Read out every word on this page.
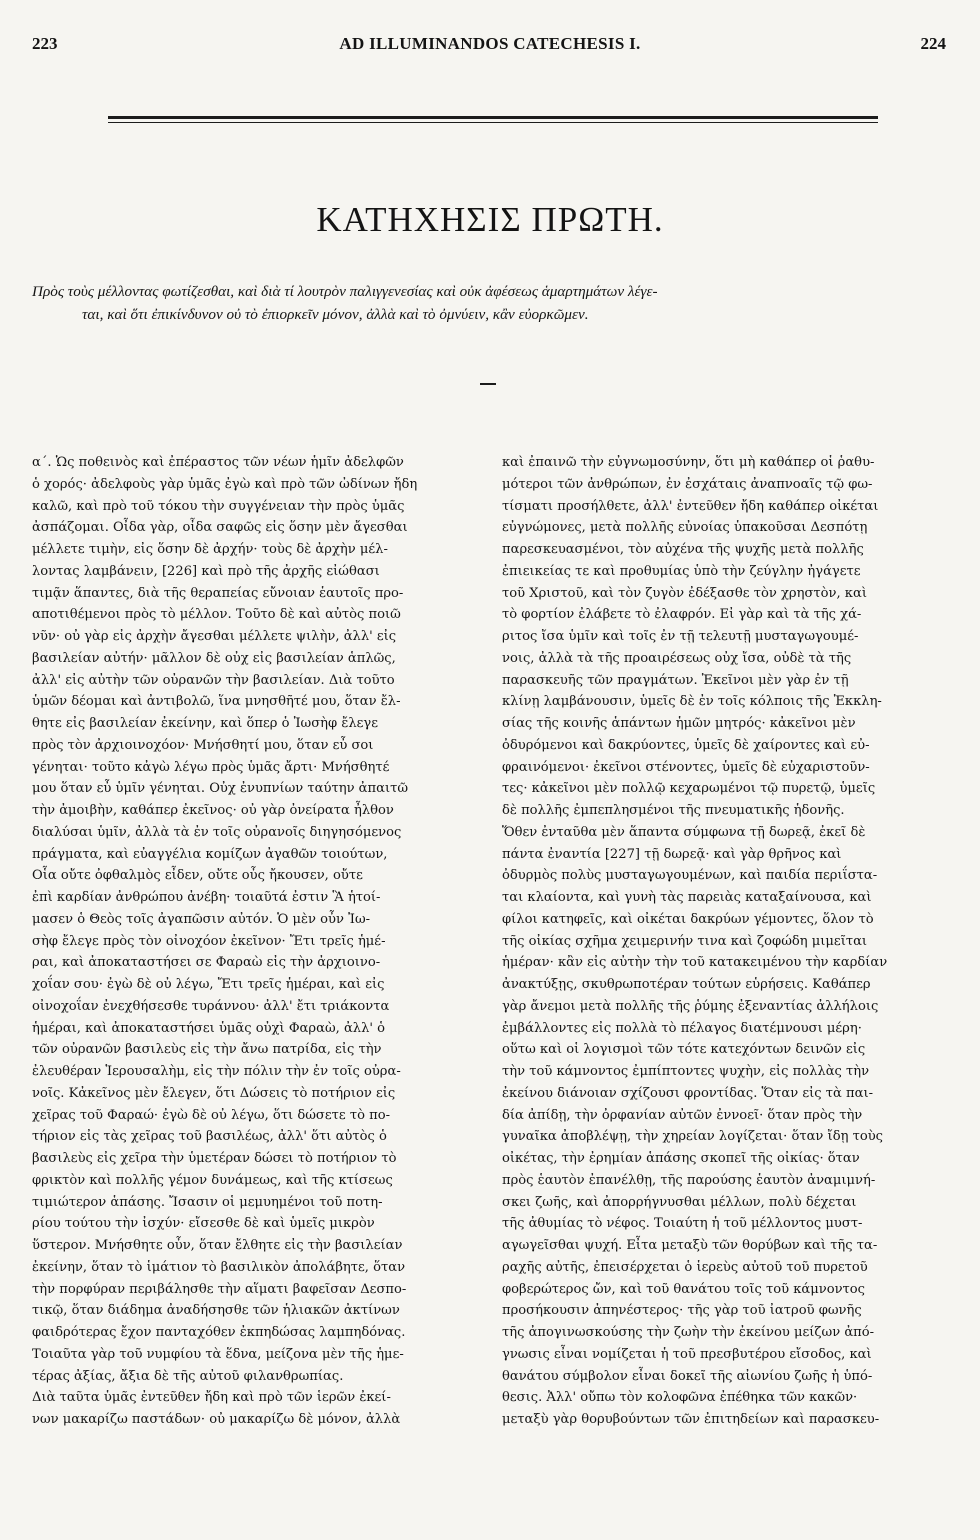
223	AD ILLUMINANDOS CATECHESIS I.	224
ΚΑΤΗΧΗΣΙΣ ΠΡΩΤΗ.
Πρὸς τοὺς μέλλοντας φωτίζεσθαι, καὶ διὰ τί λουτρὸν παλιγγενεσίας καὶ οὐκ ἀφέσεως ἁμαρτημάτων λέγε-
ται, καὶ ὅτι ἐπικίνδυνον οὐ τὸ ἐπιορκεῖν μόνον, ἀλλὰ καὶ τὸ ὀμνύειν, κἂν εὐορκῶμεν.

α΄. Ὡς ποθεινὸς καὶ ἐπέραστος τῶν νέων ἡμῖν ἀδελφῶν

ὁ χορός· ἀδελφοὺς γὰρ ὑμᾶς ἐγὼ καὶ πρὸ τῶν ὠδίνων ἤδη

καλῶ, καὶ πρὸ τοῦ τόκου τὴν συγγένειαν τὴν πρὸς ὑμᾶς

ἀσπάζομαι. Οἶδα γὰρ, οἶδα σαφῶς εἰς ὅσην μὲν ἄγεσθαι

μέλλετε τιμὴν, εἰς ὅσην δὲ ἀρχήν· τοὺς δὲ ἀρχὴν μέλ-

λοντας λαμβάνειν, [226] καὶ πρὸ τῆς ἀρχῆς εἰώθασι

τιμᾷν ἅπαντες, διὰ τῆς θεραπείας εὔνοιαν ἑαυτοῖς προ-

αποτιθέμενοι πρὸς τὸ μέλλον. Τοῦτο δὲ καὶ αὐτὸς ποιῶ

νῦν· οὐ γὰρ εἰς ἀρχὴν ἄγεσθαι μέλλετε ψιλὴν, ἀλλ' εἰς

βασιλείαν αὐτήν· μᾶλλον δὲ οὐχ εἰς βασιλείαν ἁπλῶς,

ἀλλ' εἰς αὐτὴν τῶν οὐρανῶν τὴν βασιλείαν. Διὰ τοῦτο

ὑμῶν δέομαι καὶ ἀντιβολῶ, ἵνα μνησθῆτέ μου, ὅταν ἔλ-

θητε εἰς βασιλείαν ἐκείνην, καὶ ὅπερ ὁ Ἰωσὴφ ἔλεγε

πρὸς τὸν ἀρχιοινοχόον· Μνήσθητί μου, ὅταν εὖ σοι

γένηται· τοῦτο κἀγὼ λέγω πρὸς ὑμᾶς ἄρτι· Μνήσθητέ

μου ὅταν εὖ ὑμῖν γένηται. Οὐχ ἐνυπνίων ταύτην ἀπαιτῶ

τὴν ἀμοιβὴν, καθάπερ ἐκεῖνος· οὐ γὰρ ὀνείρατα ἦλθον

διαλύσαι ὑμῖν, ἀλλὰ τὰ ἐν τοῖς οὐρανοῖς διηγησόμενος

πράγματα, καὶ εὐαγγέλια κομίζων ἀγαθῶν τοιούτων,

Οἷα οὔτε ὀφθαλμὸς εἶδεν, οὔτε οὖς ἤκουσεν, οὔτε

ἐπὶ καρδίαν ἀνθρώπου ἀνέβη· τοιαῦτά ἐστιν Ἃ ἡτοί-

μασεν ὁ Θεὸς τοῖς ἀγαπῶσιν αὐτόν. Ὁ μὲν οὖν Ἰω-

σὴφ ἔλεγε πρὸς τὸν οἰνοχόον ἐκεῖνον· Ἔτι τρεῖς ἡμέ-

ραι, καὶ ἀποκαταστήσει σε Φαραὼ εἰς τὴν ἀρχιοινο-

χοΐαν σου· ἐγὼ δὲ οὐ λέγω, Ἔτι τρεῖς ἡμέραι, καὶ εἰς

οἰνοχοΐαν ἐνεχθήσεσθε τυράννου· ἀλλ' ἔτι τριάκοντα

ἡμέραι, καὶ ἀποκαταστήσει ὑμᾶς οὐχὶ Φαραὼ, ἀλλ' ὁ

τῶν οὐρανῶν βασιλεὺς εἰς τὴν ἄνω πατρίδα, εἰς τὴν

ἐλευθέραν Ἱερουσαλὴμ, εἰς τὴν πόλιν τὴν ἐν τοῖς οὐρα-

νοῖς. Κἀκεῖνος μὲν ἔλεγεν, ὅτι Δώσεις τὸ ποτήριον εἰς

χεῖρας τοῦ Φαραώ· ἐγὼ δὲ οὐ λέγω, ὅτι δώσετε τὸ πο-

τήριον εἰς τὰς χεῖρας τοῦ βασιλέως, ἀλλ' ὅτι αὐτὸς ὁ

βασιλεὺς εἰς χεῖρα τὴν ὑμετέραν δώσει τὸ ποτήριον τὸ

φρικτὸν καὶ πολλῆς γέμον δυνάμεως, καὶ τῆς κτίσεως

τιμιώτερον ἁπάσης. Ἴσασιν οἱ μεμυημένοι τοῦ ποτη-

ρίου τούτου τὴν ἰσχύν· εἴσεσθε δὲ καὶ ὑμεῖς μικρὸν

ὕστερον. Μνήσθητε οὖν, ὅταν ἔλθητε εἰς τὴν βασιλείαν

ἐκείνην, ὅταν τὸ ἱμάτιον τὸ βασιλικὸν ἀπολάβητε, ὅταν

τὴν πορφύραν περιβάλησθε τὴν αἵματι βαφεῖσαν Δεσπο-

τικῷ, ὅταν διάδημα ἀναδήσησθε τῶν ἡλιακῶν ἀκτίνων

φαιδρότερας ἔχον πανταχόθεν ἐκπηδώσας λαμπηδόνας.

Τοιαῦτα γὰρ τοῦ νυμφίου τὰ ἕδνα, μείζονα μὲν τῆς ἡμε-

τέρας ἀξίας, ἄξια δὲ τῆς αὐτοῦ φιλανθρωπίας.

Διὰ ταῦτα ὑμᾶς ἐντεῦθεν ἤδη καὶ πρὸ τῶν ἱερῶν ἐκεί-

νων μακαρίζω παστάδων· οὐ μακαρίζω δὲ μόνον, ἀλλὰ

καὶ ἐπαινῶ τὴν εὐγνωμοσύνην, ὅτι μὴ καθάπερ οἱ ῥαθυ-

μότεροι τῶν ἀνθρώπων, ἐν ἐσχάταις ἀναπνοαῖς τῷ φω-

τίσματι προσήλθετε, ἀλλ' ἐντεῦθεν ἤδη καθάπερ οἰκέται

εὐγνώμονες, μετὰ πολλῆς εὐνοίας ὑπακοῦσαι Δεσπότῃ

παρεσκευασμένοι, τὸν αὐχένα τῆς ψυχῆς μετὰ πολλῆς

ἐπιεικείας τε καὶ προθυμίας ὑπὸ τὴν ζεύγλην ἠγάγετε

τοῦ Χριστοῦ, καὶ τὸν ζυγὸν ἐδέξασθε τὸν χρηστὸν, καὶ

τὸ φορτίον ἐλάβετε τὸ ἐλαφρόν. Εἰ γὰρ καὶ τὰ τῆς χά-

ριτος ἴσα ὑμῖν καὶ τοῖς ἐν τῇ τελευτῇ μυσταγωγουμέ-

νοις, ἀλλὰ τὰ τῆς προαιρέσεως οὐχ ἴσα, οὐδὲ τὰ τῆς

παρασκευῆς τῶν πραγμάτων. Ἐκεῖνοι μὲν γὰρ ἐν τῇ

κλίνῃ λαμβάνουσιν, ὑμεῖς δὲ ἐν τοῖς κόλποις τῆς Ἐκκλη-

σίας τῆς κοινῆς ἁπάντων ἡμῶν μητρός· κἀκεῖνοι μὲν

ὀδυρόμενοι καὶ δακρύοντες, ὑμεῖς δὲ χαίροντες καὶ εὐ-

φραινόμενοι· ἐκεῖνοι στένοντες, ὑμεῖς δὲ εὐχαριστοῦν-

τες· κἀκεῖνοι μὲν πολλῷ κεχαρωμένοι τῷ πυρετῷ, ὑμεῖς

δὲ πολλῆς ἐμπεπλησμένοι τῆς πνευματικῆς ἡδονῆς.

Ὅθεν ἐνταῦθα μὲν ἅπαντα σύμφωνα τῇ δωρεᾷ, ἐκεῖ δὲ

πάντα ἐναντία [227] τῇ δωρεᾷ· καὶ γὰρ θρῆνος καὶ

ὀδυρμὸς πολὺς μυσταγωγουμένων, καὶ παιδία περιΐστα-

ται κλαίοντα, καὶ γυνὴ τὰς παρειὰς καταξαίνουσα, καὶ

φίλοι κατηφεῖς, καὶ οἰκέται δακρύων γέμοντες, ὅλον τὸ

τῆς οἰκίας σχῆμα χειμερινήν τινα καὶ ζοφώδη μιμεῖται

ἡμέραν· κἂν εἰς αὐτὴν τὴν τοῦ κατακειμένου τὴν καρδίαν

ἀνακτύξῃς, σκυθρωποτέραν τούτων εὑρήσεις. Καθάπερ

γὰρ ἄνεμοι μετὰ πολλῆς τῆς ῥύμης ἐξεναντίας ἀλλήλοις

ἐμβάλλοντες εἰς πολλὰ τὸ πέλαγος διατέμνουσι μέρη·

οὕτω καὶ οἱ λογισμοὶ τῶν τότε κατεχόντων δεινῶν εἰς

τὴν τοῦ κάμνοντος ἐμπίπτοντες ψυχὴν, εἰς πολλὰς τὴν

ἐκείνου διάνοιαν σχίζουσι φροντίδας. Ὅταν εἰς τὰ παι-

δία ἀπίδῃ, τὴν ὀρφανίαν αὐτῶν ἐννοεῖ· ὅταν πρὸς τὴν

γυναῖκα ἀποβλέψῃ, τὴν χηρείαν λογίζεται· ὅταν ἴδῃ τοὺς

οἰκέτας, τὴν ἐρημίαν ἁπάσης σκοπεῖ τῆς οἰκίας· ὅταν

πρὸς ἑαυτὸν ἐπανέλθῃ, τῆς παρούσης ἑαυτὸν ἀναμιμνή-

σκει ζωῆς, καὶ ἀπορρήγνυσθαι μέλλων, πολὺ δέχεται

τῆς ἀθυμίας τὸ νέφος. Τοιαύτη ἡ τοῦ μέλλοντος μυστ-

αγωγεῖσθαι ψυχή. Εἶτα μεταξὺ τῶν θορύβων καὶ τῆς τα-

ραχῆς αὐτῆς, ἐπεισέρχεται ὁ ἱερεὺς αὐτοῦ τοῦ πυρετοῦ

φοβερώτερος ὤν, καὶ τοῦ θανάτου τοῖς τοῦ κάμνοντος

προσήκουσιν ἀπηνέστερος· τῆς γὰρ τοῦ ἰατροῦ φωνῆς

τῆς ἀπογινωσκούσης τὴν ζωὴν τὴν ἐκείνου μείζων ἀπό-

γνωσις εἶναι νομίζεται ἡ τοῦ πρεσβυτέρου εἴσοδος, καὶ

θανάτου σύμβολον εἶναι δοκεῖ τῆς αἰωνίου ζωῆς ἡ ὑπό-

θεσις. Ἀλλ' οὔπω τὸν κολοφῶνα ἐπέθηκα τῶν κακῶν·

μεταξὺ γὰρ θορυβούντων τῶν ἐπιτηδείων καὶ παρασκευ-
